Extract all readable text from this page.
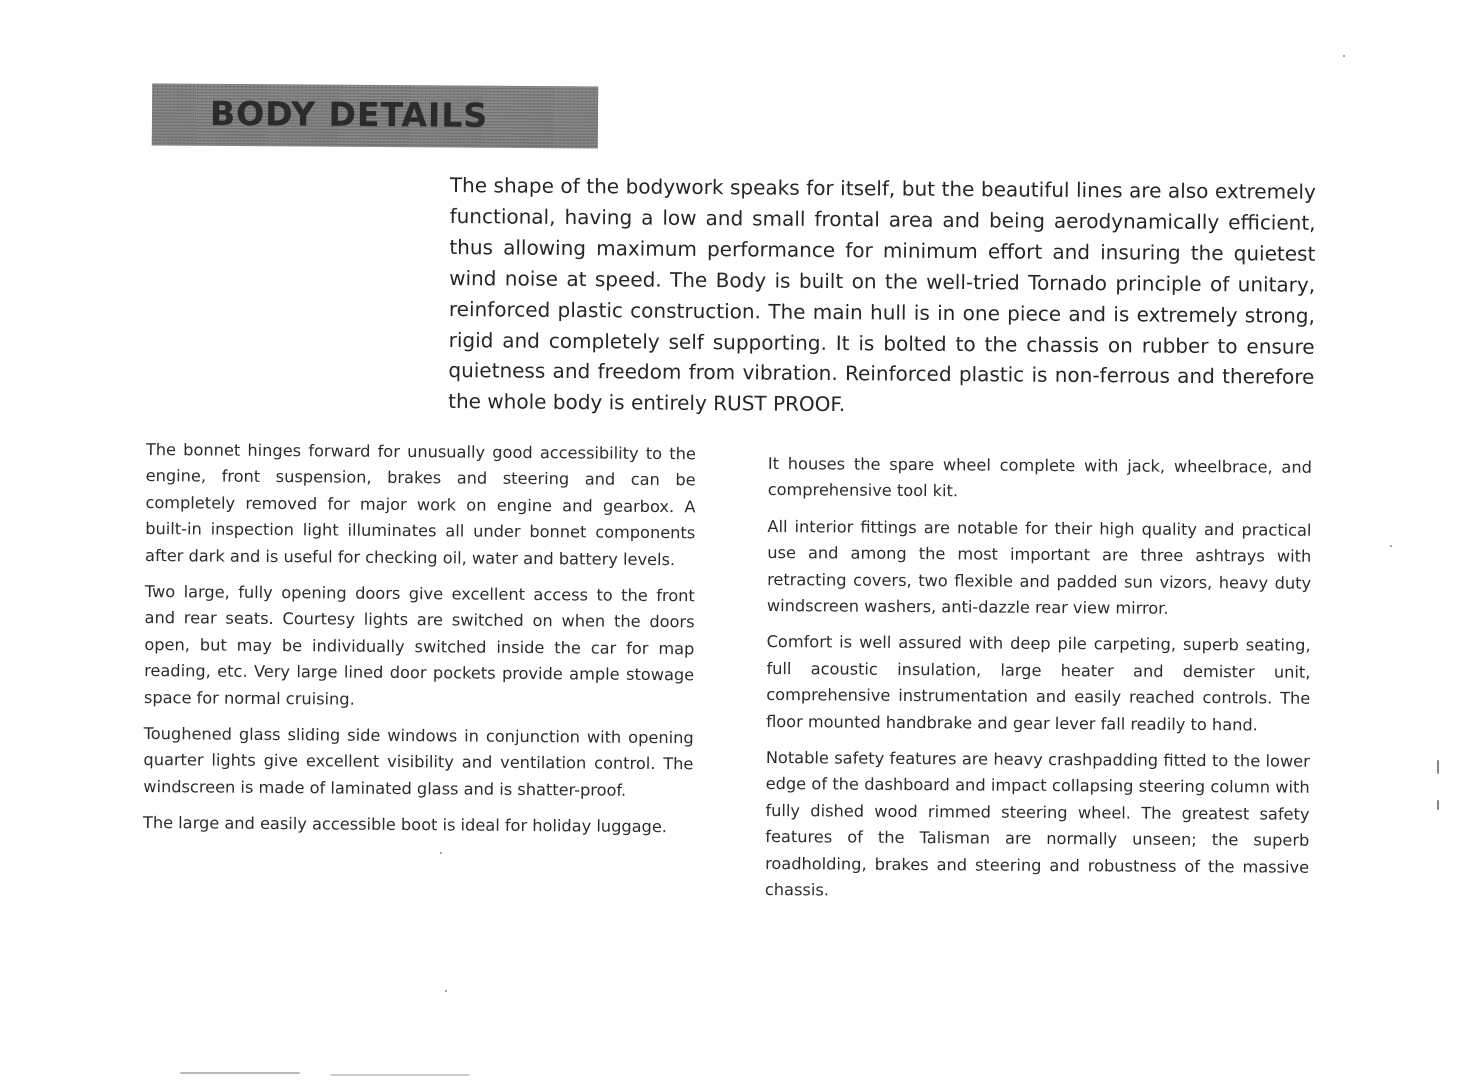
BODY DETAILS
The shape of the bodywork speaks for itself, but the beautiful lines are also extremely functional, having a low and small frontal area and being aerodynamically efficient, thus allowing maximum performance for minimum effort and insuring the quietest wind noise at speed. The Body is built on the well-tried Tornado principle of unitary, reinforced plastic construction. The main hull is in one piece and is extremely strong, rigid and completely self supporting. It is bolted to the chassis on rubber to ensure quietness and freedom from vibration. Reinforced plastic is non-ferrous and therefore the whole body is entirely RUST PROOF.

The bonnet hinges forward for unusually good accessibility to the engine, front suspension, brakes and steering and can be completely removed for major work on engine and gearbox. A built-in inspection light illuminates all under bonnet components after dark and is useful for checking oil, water and battery levels.

Two large, fully opening doors give excellent access to the front and rear seats. Courtesy lights are switched on when the doors open, but may be individually switched inside the car for map reading, etc. Very large lined door pockets provide ample stowage space for normal cruising.

Toughened glass sliding side windows in conjunction with opening quarter lights give excellent visibility and ventilation control. The windscreen is made of laminated glass and is shatter-proof.

The large and easily accessible boot is ideal for holiday luggage.

It houses the spare wheel complete with jack, wheelbrace, and comprehensive tool kit.

All interior fittings are notable for their high quality and practical use and among the most important are three ashtrays with retracting covers, two flexible and padded sun vizors, heavy duty windscreen washers, anti-dazzle rear view mirror.

Comfort is well assured with deep pile carpeting, superb seating, full acoustic insulation, large heater and demister unit, comprehensive instrumentation and easily reached controls. The floor mounted handbrake and gear lever fall readily to hand.

Notable safety features are heavy crashpadding fitted to the lower edge of the dashboard and impact collapsing steering column with fully dished wood rimmed steering wheel. The greatest safety features of the Talisman are normally unseen; the superb roadholding, brakes and steering and robustness of the massive chassis.
